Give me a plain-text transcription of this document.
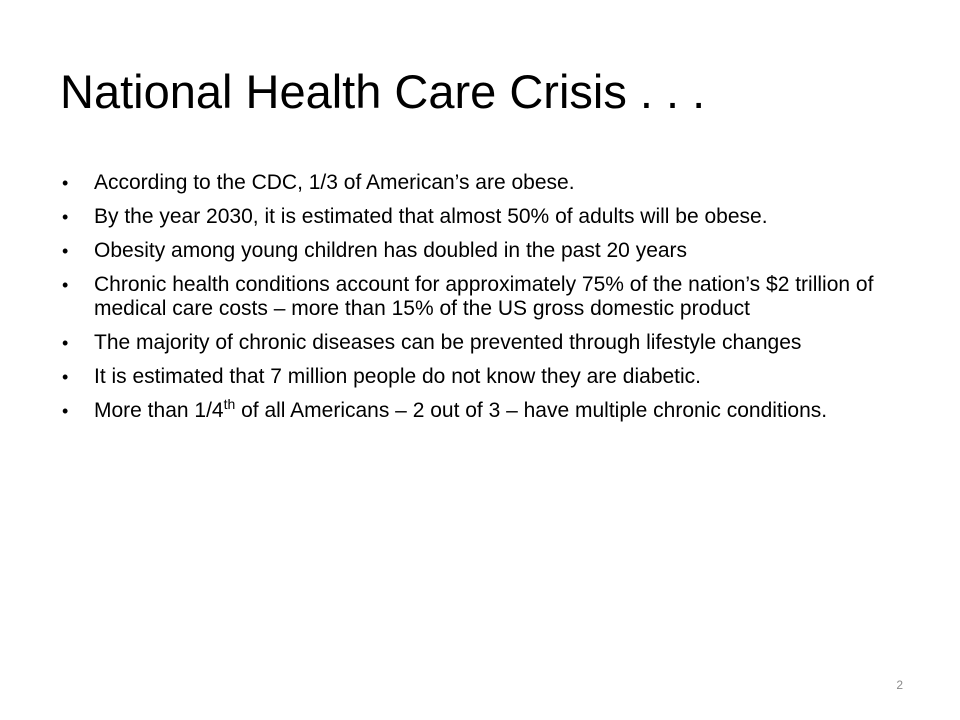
National Health Care Crisis . . .
•	According to the CDC, 1/3 of American’s are obese.
•	By the year 2030, it is estimated that almost 50% of adults will be obese.
•	Obesity among young children has doubled in the past 20 years
•	Chronic health conditions account for approximately 75% of the nation’s $2 trillion of medical care costs – more than 15% of the US gross domestic product
•	The majority of chronic diseases can be prevented through lifestyle changes
•	It is estimated that 7 million people do not know they are diabetic.
•	More than 1/4th of all Americans – 2 out of 3 – have multiple chronic conditions.
2
